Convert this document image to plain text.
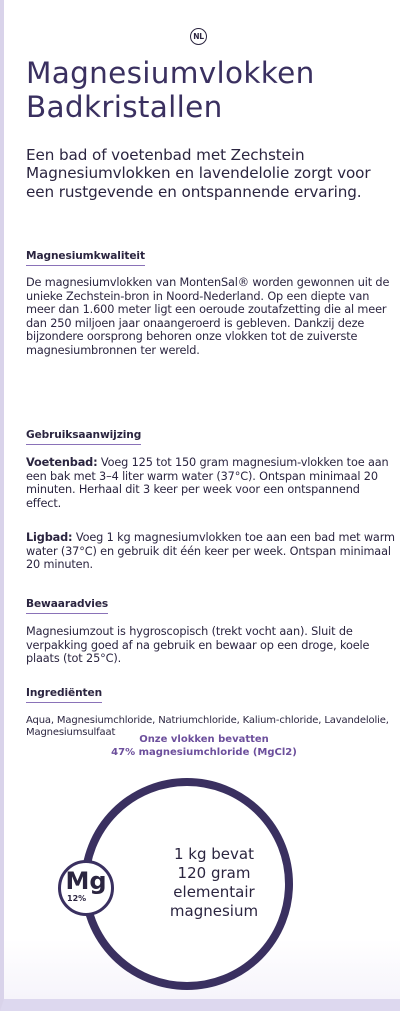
NL
Magnesiumvlokken
Badkristallen

Een bad of voetenbad met Zechstein Magnesiumvlokken en lavendelolie zorgt voor een rustgevende en ontspannende ervaring.

Magnesiumkwaliteit

De magnesiumvlokken van MontenSal® worden gewonnen uit de unieke Zechstein-bron in Noord-Nederland. Op een diepte van meer dan 1.600 meter ligt een oeroude zoutafzetting die al meer dan 250 miljoen jaar onaangeroerd is gebleven. Dankzij deze bijzondere oorsprong behoren onze vlokken tot de zuiverste magnesiumbronnen ter wereld.

Gebruiksaanwijzing

Voetenbad: Voeg 125 tot 150 gram magnesium-vlokken toe aan een bak met 3–4 liter warm water (37°C). Ontspan minimaal 20 minuten. Herhaal dit 3 keer per week voor een ontspannend effect.

Ligbad: Voeg 1 kg magnesiumvlokken toe aan een bad met warm water (37°C) en gebruik dit één keer per week. Ontspan minimaal 20 minuten.

Bewaaradvies

Magnesiumzout is hygroscopisch (trekt vocht aan). Sluit de verpakking goed af na gebruik en bewaar op een droge, koele plaats (tot 25°C).

Ingrediënten

Aqua, Magnesiumchloride, Natriumchloride, Kalium-chloride, Lavandelolie, Magnesiumsulfaat

Onze vlokken bevatten
47% magnesiumchloride (MgCl2)

1 kg bevat
120 gram
elementair
magnesium

Mg
12%
